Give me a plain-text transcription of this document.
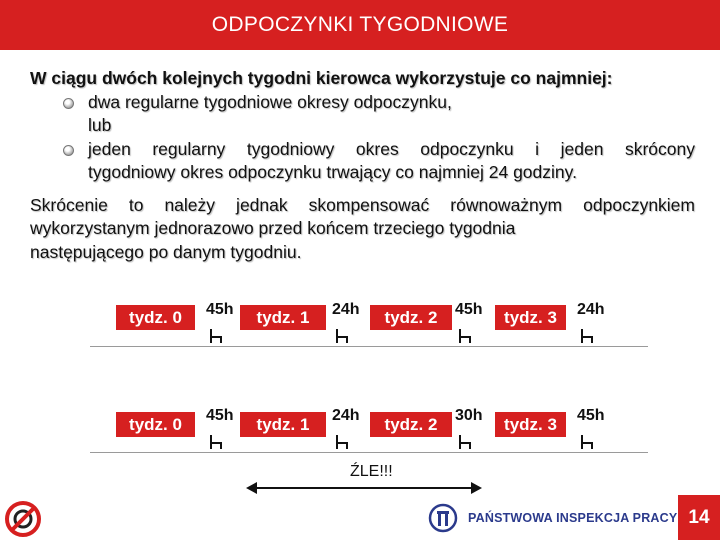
ODPOCZYNKI TYGODNIOWE
W ciągu dwóch kolejnych tygodni kierowca wykorzystuje co najmniej:
dwa regularne tygodniowe okresy odpoczynku,
lub
jeden regularny tygodniowy okres odpoczynku i jeden skrócony
tygodniowy okres odpoczynku trwający co najmniej 24 godziny.
Skrócenie to należy jednak skompensować równoważnym odpoczynkiem
wykorzystanym jednorazowo przed końcem trzeciego tygodnia
następującego po danym tygodniu.
tydz. 0	tydz. 1	tydz. 2	tydz. 3
45h	24h	45h	24h
tydz. 0	tydz. 1	tydz. 2	tydz. 3
45h	24h	30h	45h
ŹLE!!!
PAŃSTWOWA INSPEKCJA PRACY 14
